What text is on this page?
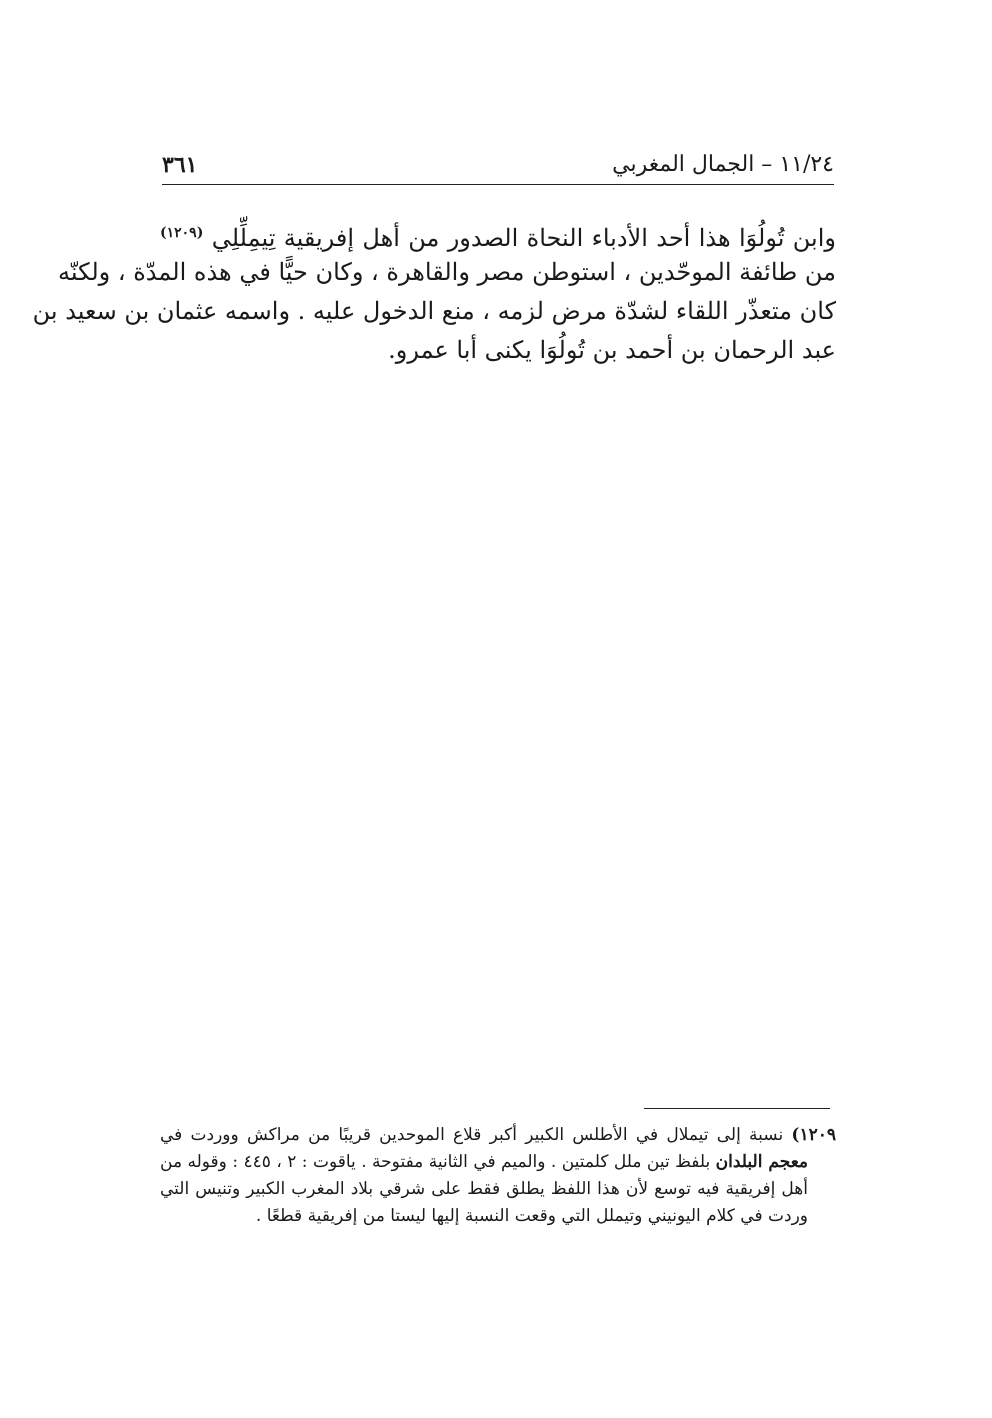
١١/٢٤ – الجمال المغربي
٣٦١
وابن تُولُوَا هذا أحد الأدباء النحاة الصدور من أهل إفريقية تِيمِلِّلِي $^{(١٢٠٩)}$
من طائفة الموحّدين ، استوطن مصر والقاهرة ، وكان حيًّا في هذه المدّة ، ولكنّه
كان متعذّر اللقاء لشدّة مرض لزمه ، منع الدخول عليه . واسمه عثمان بن سعيد بن
عبد الرحمان بن أحمد بن تُولُوَا يكنى أبا عمرو.
١٢٠٩) نسبة إلى تيملال في الأطلس الكبير أكبر قلاع الموحدين قريبًا من مراكش ووردت في
معجم البلدان بلفظ تين ملل كلمتين . والميم في الثانية مفتوحة . ياقوت : ٢ ، ٤٤٥ : وقوله من
أهل إفريقية فيه توسع لأن هذا اللفظ يطلق فقط على شرقي بلاد المغرب الكبير وتنيس التي
وردت في كلام اليونيني وتيملل التي وقعت النسبة إليها ليستا من إفريقية قطعًا .
